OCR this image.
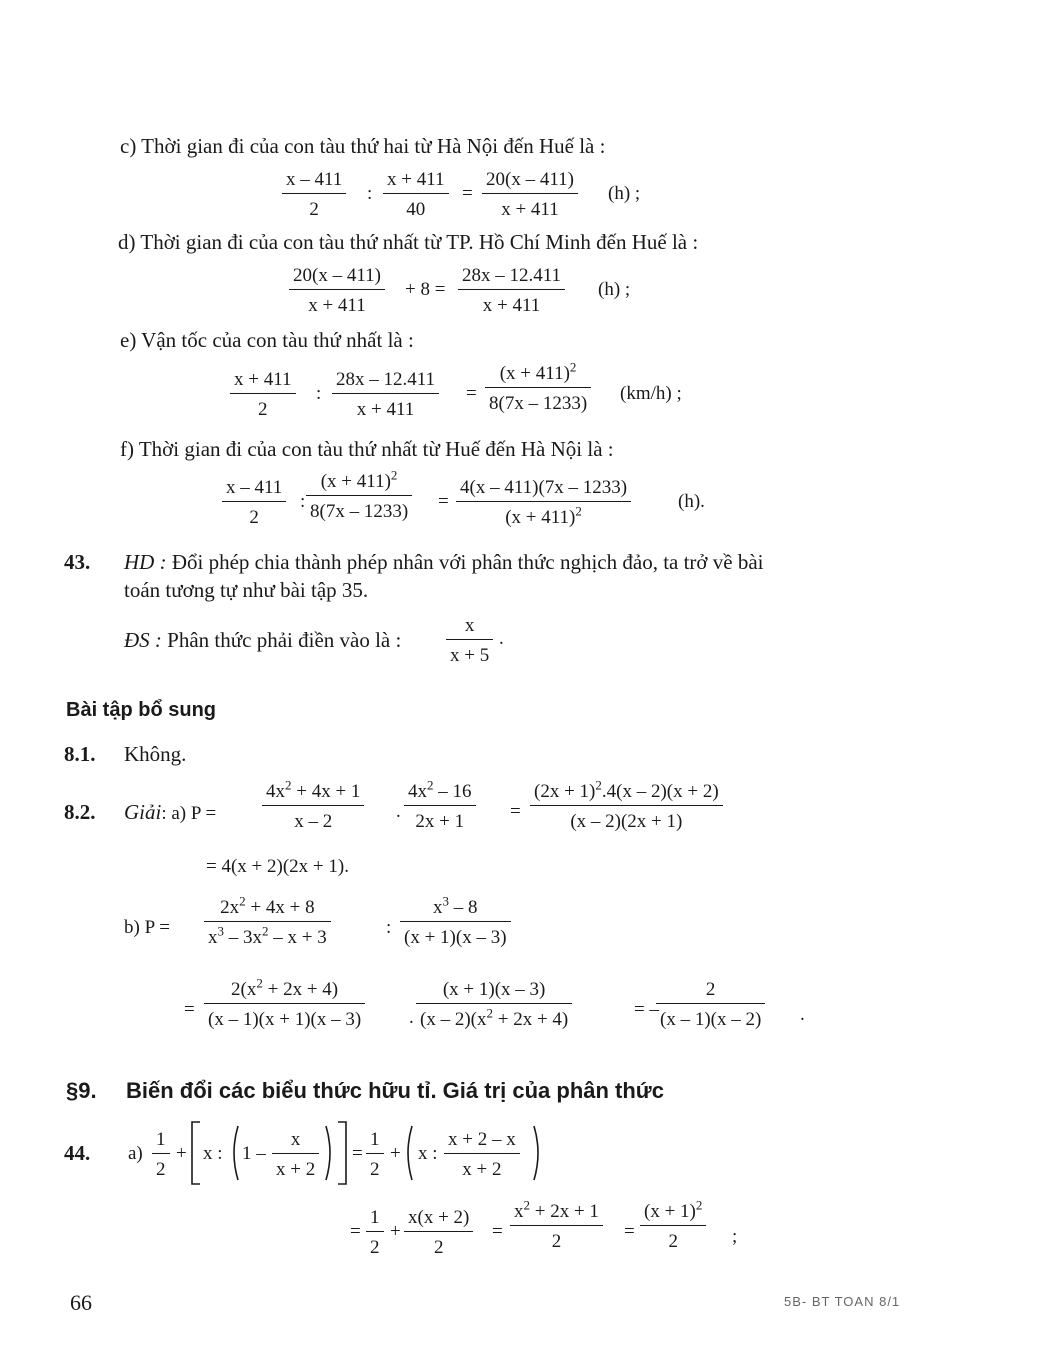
c) Thời gian đi của con tàu thứ hai từ Hà Nội đến Huế là :
x – 411
2
:
x + 411
40
=
20(x – 411)
x + 411
(h) ;
d) Thời gian đi của con tàu thứ nhất từ TP. Hồ Chí Minh đến Huế là :
20(x – 411)
x + 411
+ 8 =
28x – 12.411
x + 411
(h) ;
e) Vận tốc của con tàu thứ nhất là :
x + 411
2
:
28x – 12.411
x + 411
=
$(x + 411)^2$
8(7x – 1233) (km/h) ;
f) Thời gian đi của con tàu thứ nhất từ Huế đến Hà Nội là :
x – 411
2
:
$(x + 411)^2$
8(7x – 1233) =
4(x – 411)(7x – 1233)
$(x + 411)^2$	(h).
43. HD : Đổi phép chia thành phép nhân với phân thức nghịch đảo, ta trở về bài
toán tương tự như bài tập 35.
ĐS : Phân thức phải điền vào là :
x
x + 5
.
Bài tập bổ sung
8.1. Không.
8.2. Giải: a) P =
$4x^2 + 4x + 1$
x – 2	.
$4x^2 - 16$
2x + 1 =
$(2x + 1)^2.4(x - 2)(x + 2)$
(x – 2)(2x + 1)
= 4(x + 2)(2x + 1).
b) P =
$2x^2 + 4x + 8$
$x^3 - 3x^2 - x + 3$	:
$x^3 - 8$
(x + 1)(x – 3)
=
$2(x^2 + 2x + 4)$
(x – 1)(x + 1)(x – 3)	.
(x + 1)(x – 3)
$(x - 2)(x^2 + 2x + 4)$	= –
2
(x – 1)(x – 2) .
§9. Biến đổi các biểu thức hữu tỉ. Giá trị của phân thức
44. a)
1
2
+ x : 1 –
x
x + 2
=
1
2
+ x :
x + 2 – x
x + 2
=
1
2
+
x(x + 2)
2
=
$x^2 + 2x + 1$
2	=
$(x + 1)^2$
2	;
66	5B- BT TOAN 8/1
